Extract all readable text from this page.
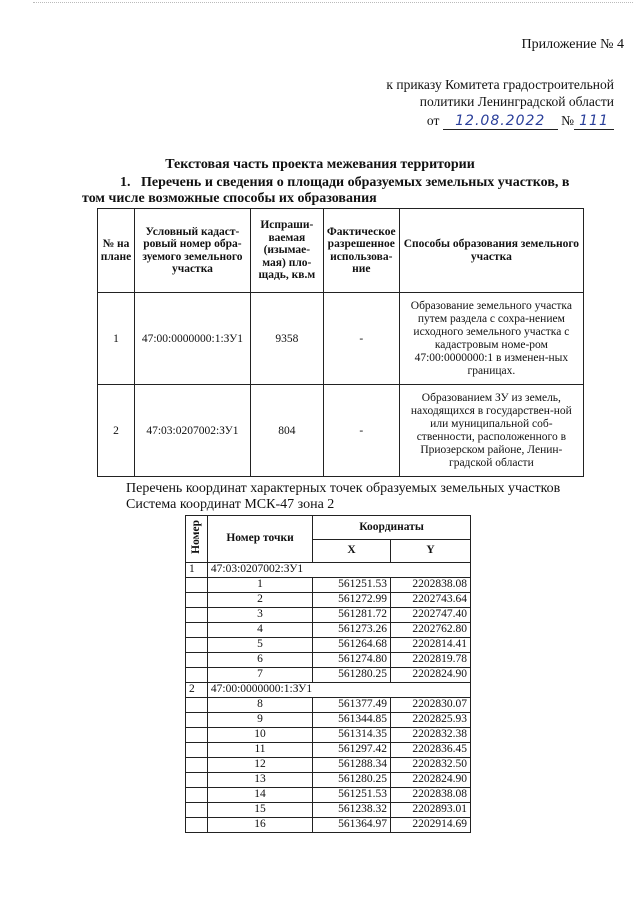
Приложение № 4
к приказу Комитета градостроительной
политики Ленинградской области
от 12.08.2022 № 111
Текстовая часть проекта межевания территории
1. Перечень и сведения о площади образуемых земельных участков, в
том числе возможные способы их образования
№ на плане	Условный кадаст-ровый номер обра-зуемого земельного участка	Испраши-ваемая (изымае-мая) пло-щадь, кв.м	Фактическое разрешенное использова-ние	Способы образования земельного участка
1	47:00:0000000:1:ЗУ1	9358	-	Образование земельного участка путем раздела с сохра-нением исходного земельного участка с кадастровым номе-ром 47:00:0000000:1 в изменен-ных границах.
2	47:03:0207002:ЗУ1	804	-	Образованием ЗУ из земель, находящихся в государствен-ной или муниципальной соб-ственности, расположенного в Приозерском районе, Ленин-градской области
Перечень координат характерных точек образуемых земельных участков
Система координат МСК-47 зона 2
Номер	Номер точки	Координаты	
		X	Y
1	47:03:0207002:ЗУ1		
	1	561251.53	2202838.08
	2	561272.99	2202743.64
	3	561281.72	2202747.40
	4	561273.26	2202762.80
	5	561264.68	2202814.41
	6	561274.80	2202819.78
	7	561280.25	2202824.90
2	47:00:0000000:1:ЗУ1		
	8	561377.49	2202830.07
	9	561344.85	2202825.93
	10	561314.35	2202832.38
	11	561297.42	2202836.45
	12	561288.34	2202832.50
	13	561280.25	2202824.90
	14	561251.53	2202838.08
	15	561238.32	2202893.01
	16	561364.97	2202914.69
